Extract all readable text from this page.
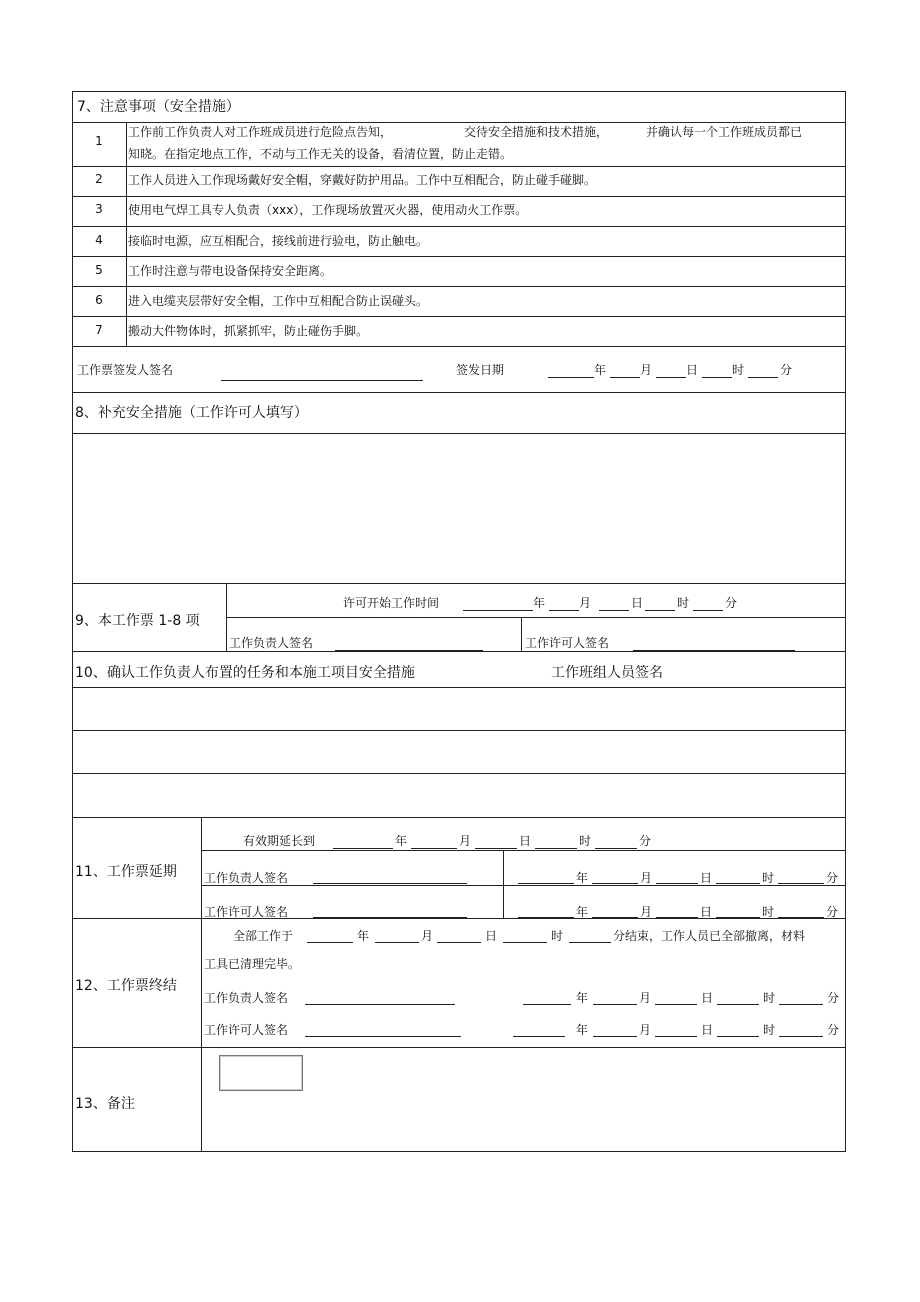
7、注意事项（安全措施）
1
工作前工作负责人对工作班成员进行危险点告知，	交待安全措施和技术措施，	并确认每一个工作班成员都已
知晓。在指定地点工作，不动与工作无关的设备，看清位置，防止走错。
2	工作人员进入工作现场戴好安全帽，穿戴好防护用品。工作中互相配合，防止碰手碰脚。
3	使用电气焊工具专人负责（xxx），工作现场放置灭火器，使用动火工作票。
4	接临时电源，应互相配合，接线前进行验电，防止触电。
5	工作时注意与带电设备保持安全距离。
6	进入电缆夹层带好安全帽，工作中互相配合防止误碰头。
7	搬动大件物体时，抓紧抓牢，防止碰伤手脚。
工作票签发人签名	签发日期	年	月	日	时	分
8、补充安全措施（工作许可人填写）
9、本工作票 1-8 项
许可开始工作时间	年	月	日	时	分
工作负责人签名	工作许可人签名
10、确认工作负责人布置的任务和本施工项目安全措施	工作班组人员签名
11、工作票延期
有效期延长到	年	月	日	时	分
工作负责人签名	年	月	日	时	分
工作许可人签名	年	月	日	时	分
12、工作票终结
全部工作于	年	月	日	时	分结束，工作人员已全部撤离，材料
工具已清理完毕。
工作负责人签名	年	月	日	时	分
工作许可人签名	年	月	日	时	分
13、备注
